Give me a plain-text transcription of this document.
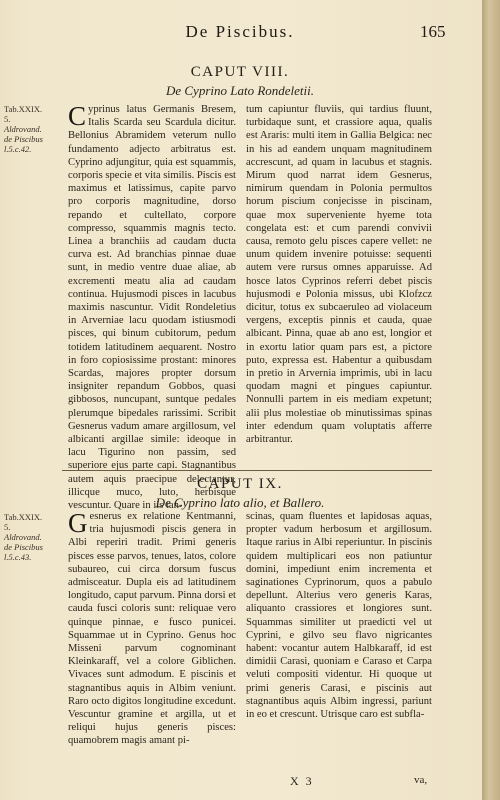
De Piscibus.	165
CAPUT VIII.
De Cyprino Lato Rondeletii.
Tab.XXIX.
5.
Aldrovand.
de Piscibus
l.5.c.42.
Cyprinus latus Germanis Bresem, Italis Scarda seu Scardula dicitur. Bellonius Abramidem veterum nullo fundamento adjecto arbitratus est. Cyprino adjungitur, quia est squammis, corporis specie et vita similis. Piscis est maximus et latissimus, capite parvo pro corporis magnitudine, dorso repando et cultellato, corpore compresso, squammis magnis tecto. Linea a branchiis ad caudam ducta curva est. Ad branchias pinnae duae sunt, in medio ventre duae aliae, ab excrementi meatu alia ad caudam continua. Hujusmodi pisces in lacubus maximis nascuntur. Vidit Rondeletius in Arverniae lacu quodam istiusmodi pisces, qui binum cubitorum, pedum totidem latitudinem aequarent. Nostro in foro copiosissime prostant: minores Scardas, majores propter dorsum insigniter repandum Gobbos, quasi gibbosos, nuncupant, suntque pedales plerumque bipedales rarissimi. Scribit Gesnerus vadum amare argillosum, vel albicanti argillae simile: ideoque in lacu Tigurino non passim, sed superiore ejus parte capi. Stagnantibus autem aquis praecipue delectantur, illicque muco, luto, herbisque vescuntur. Quare in iis tan-
tum capiuntur fluviis, qui tardius fluunt, turbidaque sunt, et crassiore aqua, qualis est Araris: multi item in Gallia Belgica: nec in his ad eandem unquam magnitudinem accrescunt, ad quam in lacubus et stagnis. Mirum quod narrat idem Gesnerus, nimirum quendam in Polonia permultos horum piscium conjecisse in piscinam, quae mox superveniente hyeme tota congelata est: et cum parendi convivii causa, remoto gelu pisces capere vellet: ne unum quidem invenire potuisse: sequenti autem vere rursus omnes apparuisse. Ad hosce latos Cyprinos referri debet piscis hujusmodi e Polonia missus, ubi Klofzcz dicitur, totus ex subcaeruleo ad violaceum vergens, exceptis pinnis et cauda, quae albicant. Pinna, quae ab ano est, longior et in exortu latior quam pars est, a pictore puto, expressa est. Habentur a quibusdam in pretio in Arvernia imprimis, ubi in lacu quodam magni et pingues capiuntur. Nonnulli partem in eis mediam expetunt; alii plus molestiae ob minutissimas spinas inter edendum quam voluptatis afferre arbitrantur.
CAPUT IX.
De Cyprino lato alio, et Ballero.
Tab.XXIX.
5.
Aldrovand.
de Piscibus
l.5.c.43.
Gesnerus ex relatione Kentmanni, tria hujusmodi piscis genera in Albi reperiri tradit. Primi generis pisces esse parvos, tenues, latos, colore subaureo, cui circa dorsum fuscus admisceatur. Dupla eis ad latitudinem longitudo, caput parvum. Pinna dorsi et cauda fusci coloris sunt: reliquae vero quinque pinnae, e fusco punicei. Squammae ut in Cyprino. Genus hoc Misseni parvum cognominant Kleinkaraff, vel a colore Giblichen. Vivaces sunt admodum. E piscinis et stagnantibus aquis in Albim veniunt. Raro octo digitos longitudine excedunt. Vescuntur gramine et argilla, ut et reliqui hujus generis pisces: quamobrem magis amant pi-
scinas, quam fluentes et lapidosas aquas, propter vadum herbosum et argillosum. Itaque rarius in Albi reperiuntur. In piscinis quidem multiplicari eos non patiuntur domini, impediunt enim incrementa et saginationes Cyprinorum, quos a pabulo depellunt. Alterius vero generis Karas, aliquanto crassiores et longiores sunt. Squammas similiter ut praedicti vel ut Cyprini, e gilvo seu flavo nigricantes habent: vocantur autem Halbkaraff, id est dimidii Carasi, quoniam e Caraso et Carpa veluti compositi videntur. Hi quoque ut primi generis Carasi, e piscinis aut stagnantibus aquis Albim ingressi, pariunt in eo et crescunt. Utrisque caro est subfla-
X 3	va,
